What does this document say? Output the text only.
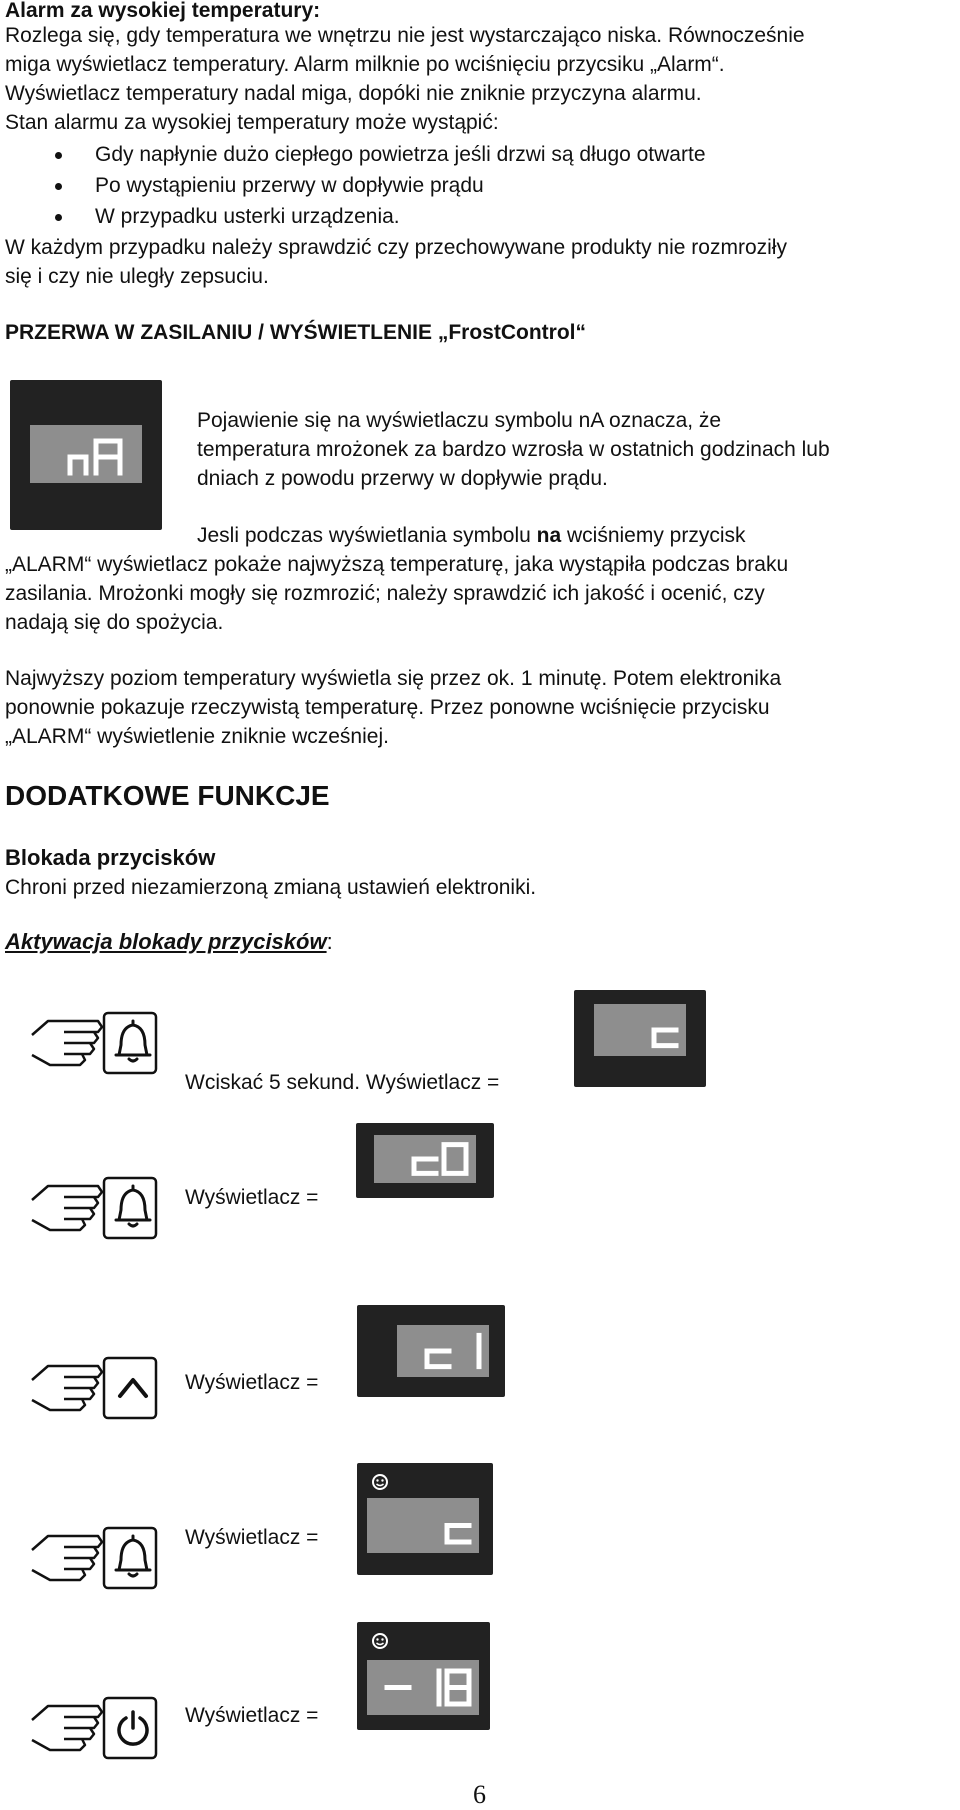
Alarm za wysokiej temperatury:
Rozlega się, gdy temperatura we wnętrzu nie jest wystarczająco niska. Równocześnie
miga wyświetlacz temperatury. Alarm milknie po wciśnięciu przycsiku „Alarm“.
Wyświetlacz temperatury nadal miga, dopóki nie zniknie przyczyna alarmu.
Stan alarmu za wysokiej temperatury może wystąpić:
Gdy napłynie dużo ciepłego powietrza jeśli drzwi są długo otwarte
Po wystąpieniu przerwy w dopływie prądu
W przypadku usterki urządzenia.
W każdym przypadku należy sprawdzić czy przechowywane produkty nie rozmroziły
się i czy nie uległy zepsuciu.
PRZERWA W ZASILANIU / WYŚWIETLENIE „FrostControl“
Pojawienie się na wyświetlaczu symbolu nA oznacza, że
temperatura mrożonek za bardzo wzrosła w ostatnich godzinach lub
dniach z powodu przerwy w dopływie prądu.
Jesli podczas wyświetlania symbolu na wciśniemy przycisk
„ALARM“ wyświetlacz pokaże najwyższą temperaturę, jaka wystąpiła podczas braku
zasilania. Mrożonki mogły się rozmrozić; należy sprawdzić ich jakość i ocenić, czy
nadają się do spożycia.
Najwyższy poziom temperatury wyświetla się przez ok. 1 minutę. Potem elektronika
ponownie pokazuje rzeczywistą temperaturę. Przez ponowne wciśnięcie przycisku
„ALARM“ wyświetlenie zniknie wcześniej.
DODATKOWE FUNKCJE
Blokada przycisków
Chroni przed niezamierzoną zmianą ustawień elektroniki.
Aktywacja blokady przycisków:
Wciskać 5 sekund. Wyświetlacz =
Wyświetlacz =
Wyświetlacz =
Wyświetlacz =
Wyświetlacz =
6
